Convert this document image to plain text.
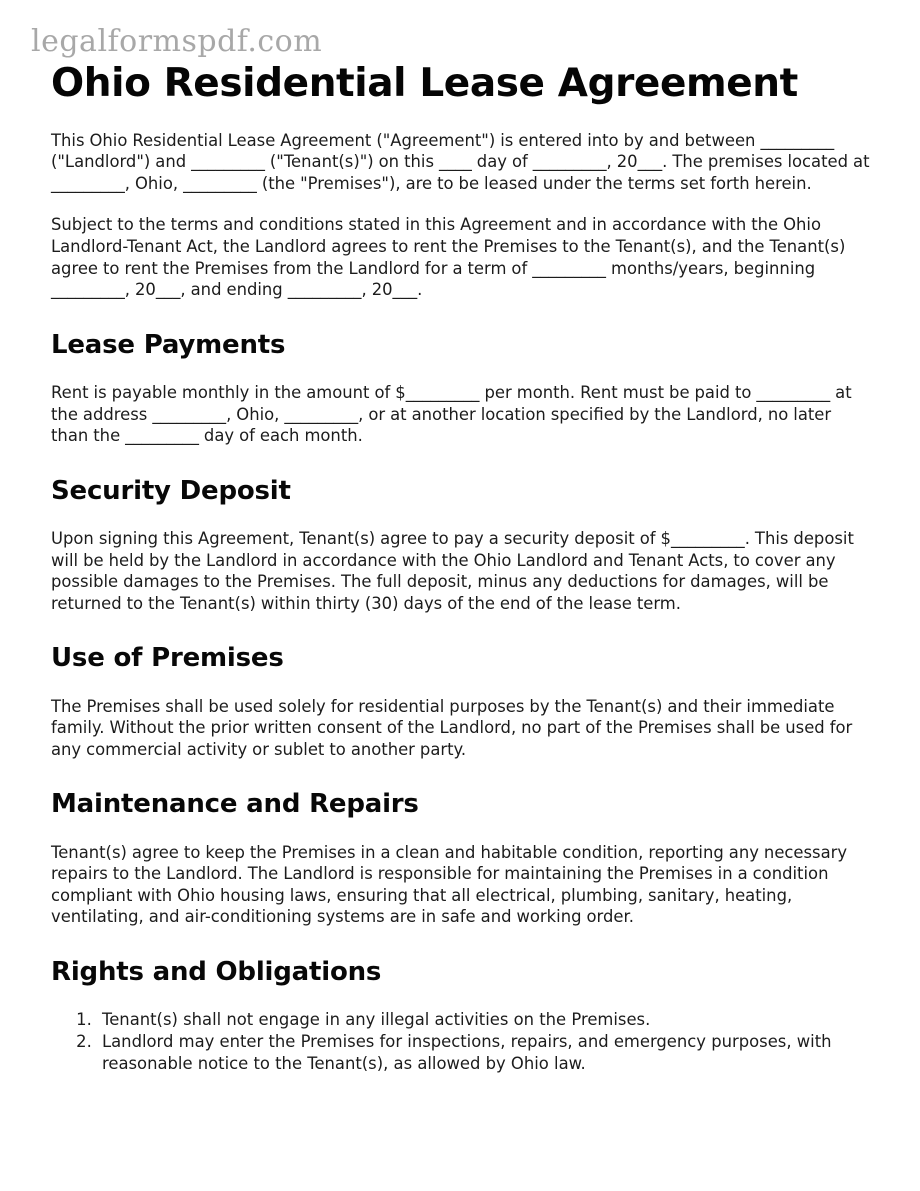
legalformspdf.com
Ohio Residential Lease Agreement

This Ohio Residential Lease Agreement ("Agreement") is entered into by and between _________ ("Landlord") and _________ ("Tenant(s)") on this ____ day of _________, 20___. The premises located at _________, Ohio, _________ (the "Premises"), are to be leased under the terms set forth herein.

Subject to the terms and conditions stated in this Agreement and in accordance with the Ohio Landlord-Tenant Act, the Landlord agrees to rent the Premises to the Tenant(s), and the Tenant(s) agree to rent the Premises from the Landlord for a term of _________ months/years, beginning _________, 20___, and ending _________, 20___.

Lease Payments

Rent is payable monthly in the amount of $_________ per month. Rent must be paid to _________ at the address _________, Ohio, _________, or at another location specified by the Landlord, no later than the _________ day of each month.

Security Deposit

Upon signing this Agreement, Tenant(s) agree to pay a security deposit of $_________. This deposit will be held by the Landlord in accordance with the Ohio Landlord and Tenant Acts, to cover any possible damages to the Premises. The full deposit, minus any deductions for damages, will be returned to the Tenant(s) within thirty (30) days of the end of the lease term.

Use of Premises

The Premises shall be used solely for residential purposes by the Tenant(s) and their immediate family. Without the prior written consent of the Landlord, no part of the Premises shall be used for any commercial activity or sublet to another party.

Maintenance and Repairs

Tenant(s) agree to keep the Premises in a clean and habitable condition, reporting any necessary repairs to the Landlord. The Landlord is responsible for maintaining the Premises in a condition compliant with Ohio housing laws, ensuring that all electrical, plumbing, sanitary, heating, ventilating, and air-conditioning systems are in safe and working order.

Rights and Obligations
1. Tenant(s) shall not engage in any illegal activities on the Premises.
2. Landlord may enter the Premises for inspections, repairs, and emergency purposes, with reasonable notice to the Tenant(s), as allowed by Ohio law.
